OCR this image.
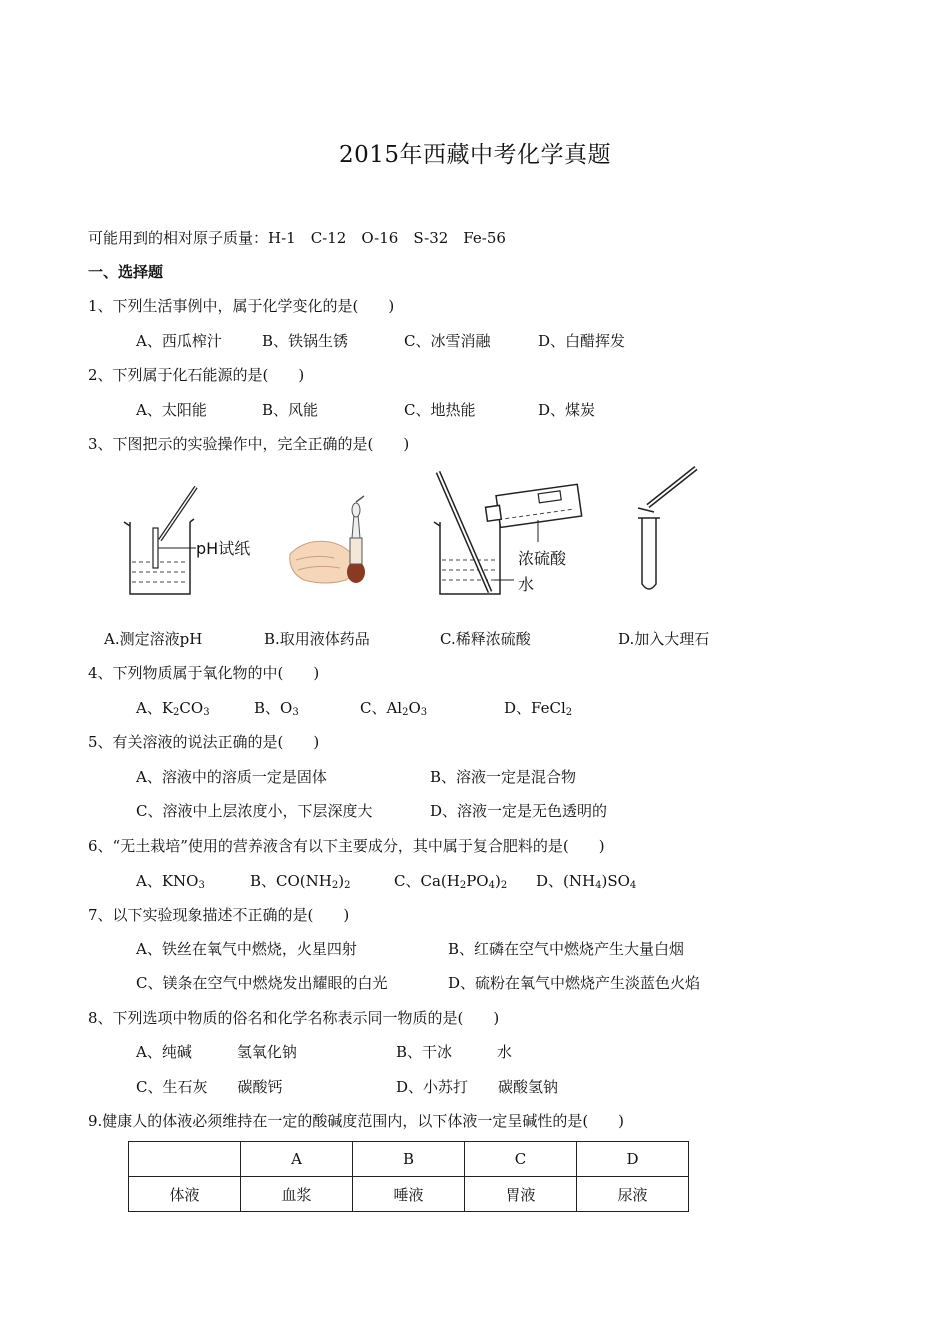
2015年西藏中考化学真题
可能用到的相对原子质量：H-1　C-12　O-16　S-32　Fe-56
一、选择题
1、下列生活事例中，属于化学变化的是(　　)
A、西瓜榨汁	B、铁锅生锈	C、冰雪消融	D、白醋挥发
2、下列属于化石能源的是(　　)
A、太阳能	B、风能	C、地热能	D、煤炭
3、下图把示的实验操作中，完全正确的是(　　)
pH试纸
浓硫酸
水
A.测定溶液pH	B.取用液体药品	C.稀释浓硫酸	D.加入大理石
4、下列物质属于氧化物的中(　　)
A、$K_2CO_3$	B、$O_3$	C、$Al_2O_3$	D、FeCl$_2$
5、有关溶液的说法正确的是(　　)
A、溶液中的溶质一定是固体	B、溶液一定是混合物
C、溶液中上层浓度小，下层深度大	D、溶液一定是无色透明的
6、“无土栽培”使用的营养液含有以下主要成分，其中属于复合肥料的是(　　)
A、$KNO_3$	B、$CO(NH_2)_2$	C、$Ca(H_2PO_4)_2$ D、$(NH_4)SO_4$
7、以下实验现象描述不正确的是(　　)
A、铁丝在氧气中燃烧，火星四射	B、红磷在空气中燃烧产生大量白烟
C、镁条在空气中燃烧发出耀眼的白光	D、硫粉在氧气中燃烧产生淡蓝色火焰
8、下列选项中物质的俗名和化学名称表示同一物质的是(　　)
A、纯碱　　　氢氧化钠	B、干冰　　　水
C、生石灰　　碳酸钙	D、小苏打　　碳酸氢钠
9.健康人的体液必须维持在一定的酸碱度范围内，以下体液一定呈碱性的是(　　)
	A	B	C	D
体液	血浆	唾液	胃液	尿液
